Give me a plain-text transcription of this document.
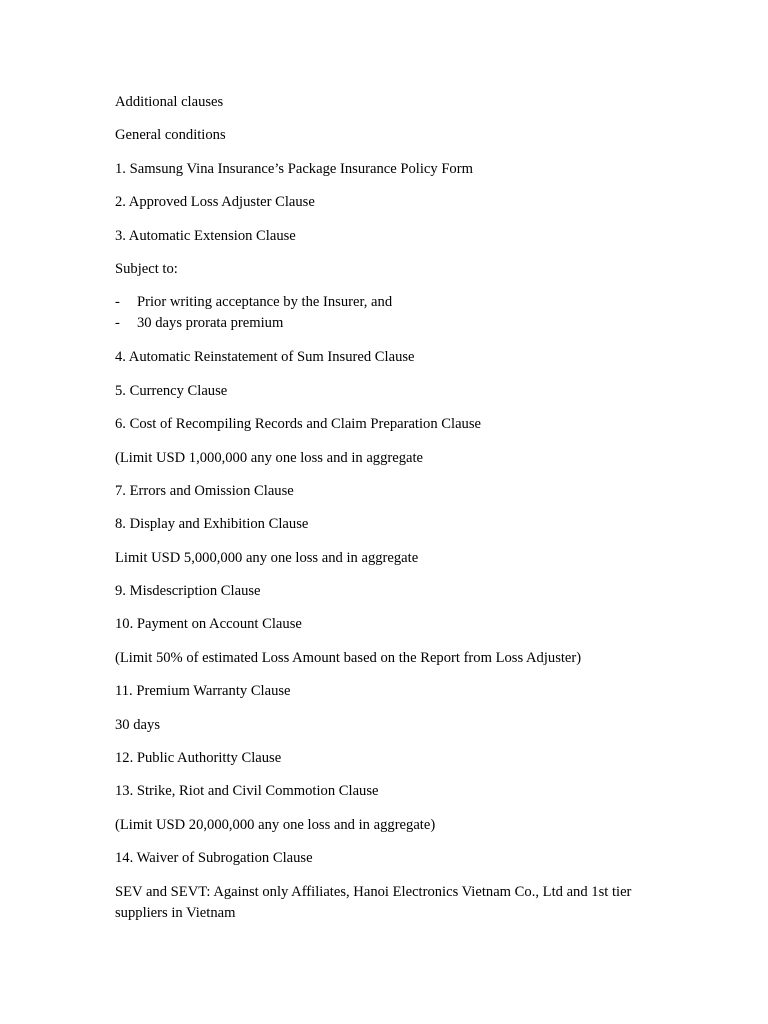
Additional clauses

General conditions

1. Samsung Vina Insurance’s Package Insurance Policy Form

2. Approved Loss Adjuster Clause

3. Automatic Extension Clause

Subject to:

-	Prior writing acceptance by the Insurer, and
-	30 days prorata premium

4. Automatic Reinstatement of Sum Insured Clause

5. Currency Clause

6. Cost of Recompiling Records and Claim Preparation Clause

(Limit USD 1,000,000 any one loss and in aggregate

7. Errors and Omission Clause

8. Display and Exhibition Clause

Limit USD 5,000,000 any one loss and in aggregate

9. Misdescription Clause

10. Payment on Account Clause

(Limit 50% of estimated Loss Amount based on the Report from Loss Adjuster)

11. Premium Warranty Clause

30 days

12. Public Authoritty Clause

13. Strike, Riot and Civil Commotion Clause

(Limit USD 20,000,000 any one loss and in aggregate)

14. Waiver of Subrogation Clause

SEV and SEVT: Against only Affiliates, Hanoi Electronics Vietnam Co., Ltd and 1st tier suppliers in Vietnam
